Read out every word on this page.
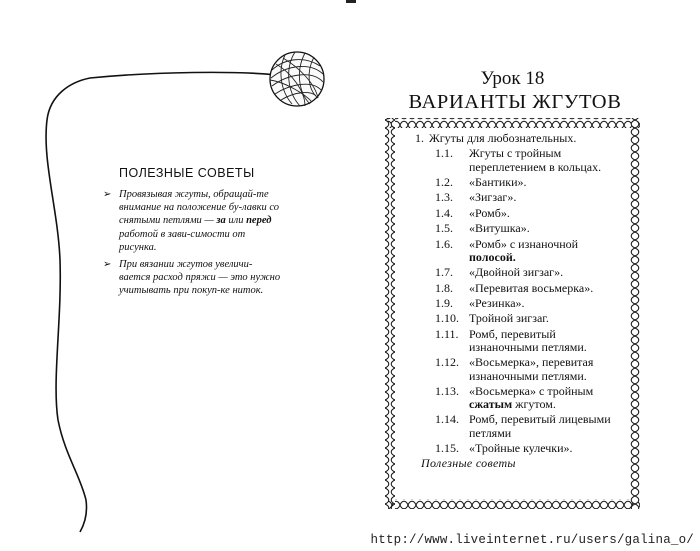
ПОЛЕЗНЫЕ СОВЕТЫ
➢ Провязывая жгуты, обращай-те внимание на положение бу-лавки со снятыми петлями — за или перед работой в зави-симости от рисунка.
➢ При вязании жгутов увеличи-вается расход пряжи — это нужно учитывать при покуп-ке ниток.
Урок 18
ВАРИАНТЫ ЖГУТОВ
1. Жгуты для любознательных.
1.1.	Жгуты с тройным переплетением в кольцах.
1.2.	«Бантики».
1.3.	«Зигзаг».
1.4.	«Ромб».
1.5.	«Витушка».
1.6.	«Ромб» с изнаночной полосой.
1.7.	«Двойной зигзаг».
1.8.	«Перевитая восьмерка».
1.9.	«Резинка».
1.10. Тройной зигзаг.
1.11. Ромб, перевитый изнаночными петлями.
1.12. «Восьмерка», перевитая изнаночными петлями.
1.13. «Восьмерка» с тройным сжатым жгутом.
1.14. Ромб, перевитый лицевыми петлями
1.15. «Тройные кулечки».
Полезные советы
http://www.liveinternet.ru/users/galina_o/
